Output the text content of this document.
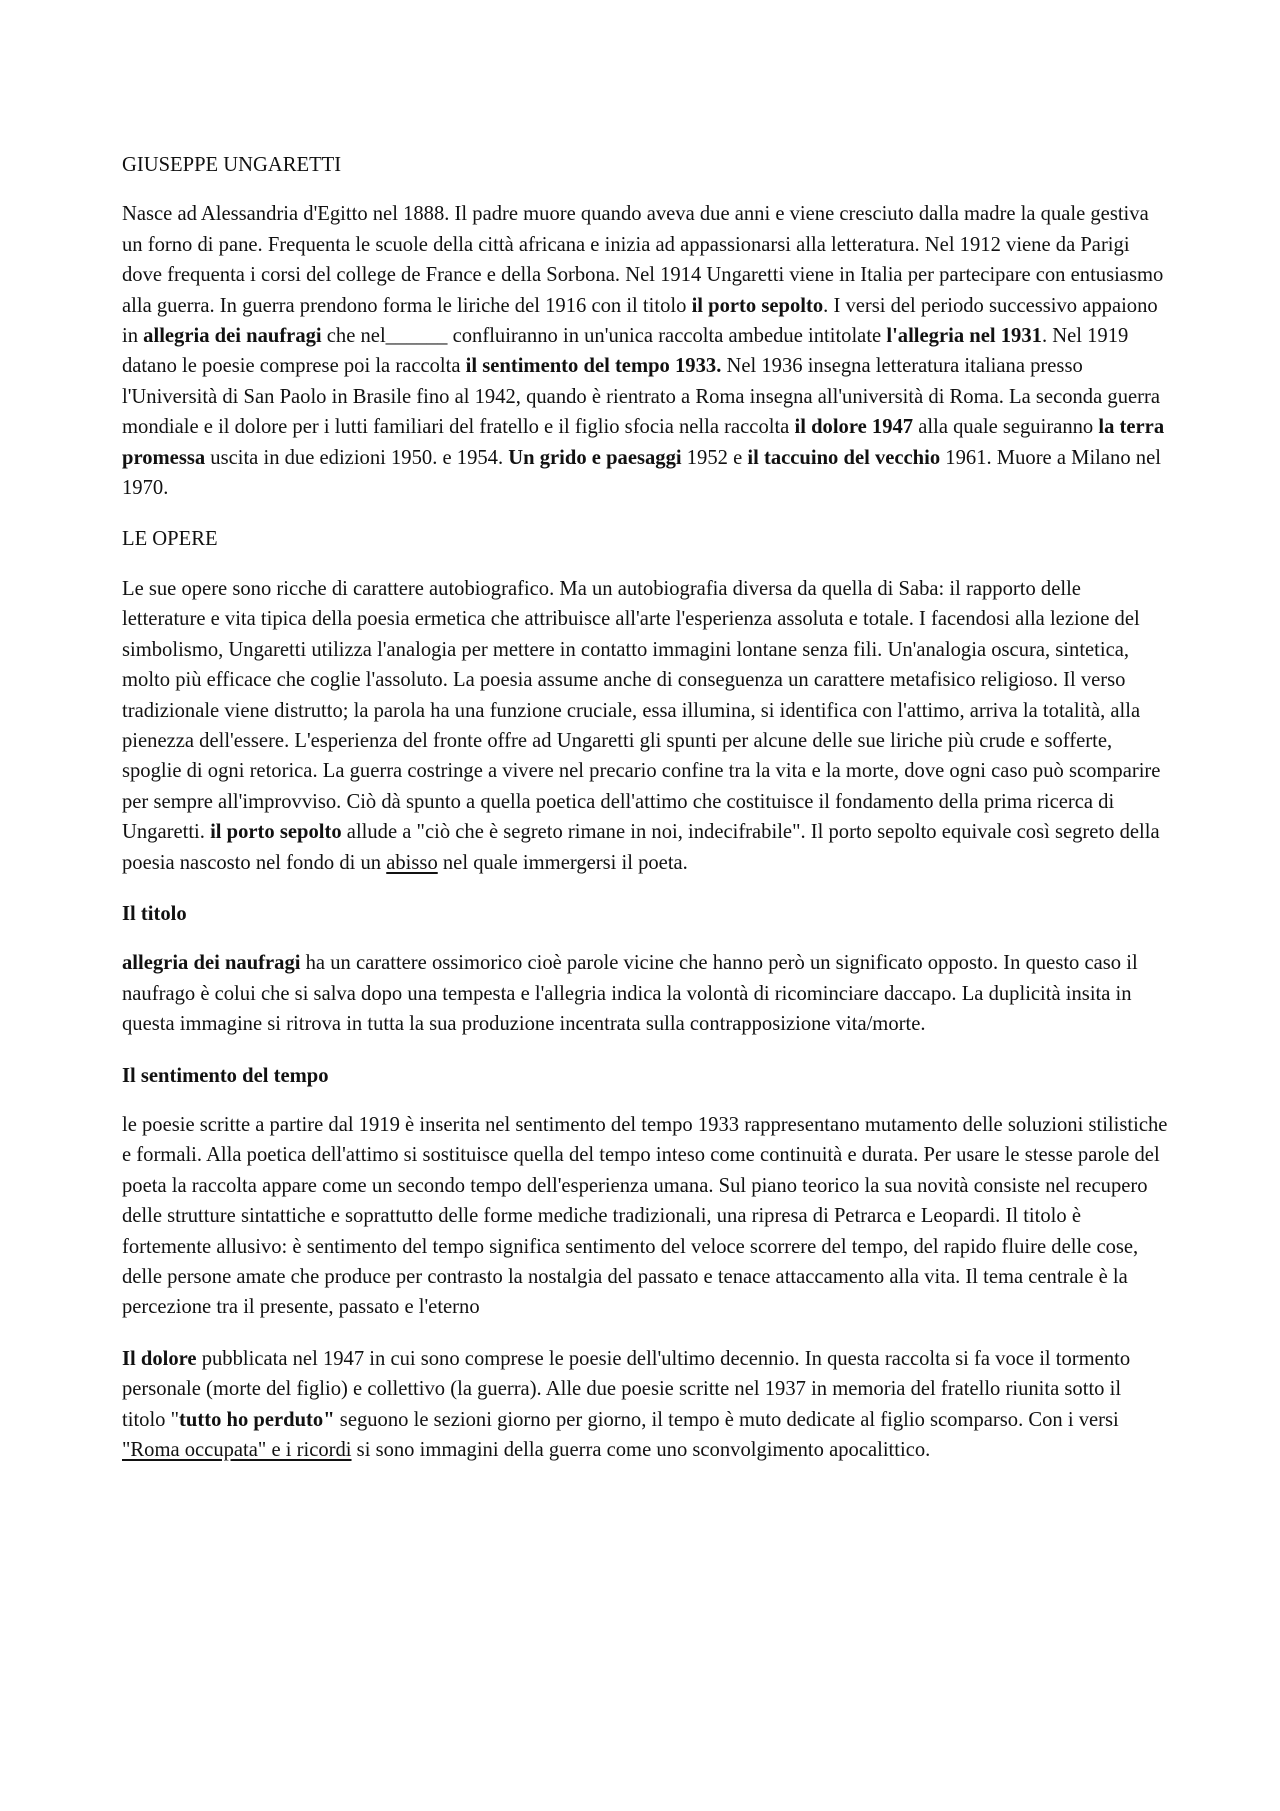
GIUSEPPE UNGARETTI

Nasce ad Alessandria d'Egitto nel 1888. Il padre muore quando aveva due anni e viene cresciuto dalla madre la quale gestiva un forno di pane. Frequenta le scuole della città africana e inizia ad appassionarsi alla letteratura. Nel 1912 viene da Parigi dove frequenta i corsi del college de France e della Sorbona. Nel 1914 Ungaretti viene in Italia per partecipare con entusiasmo alla guerra. In guerra prendono forma le liriche del 1916 con il titolo il porto sepolto. I versi del periodo successivo appaiono in allegria dei naufragi che nel______ confluiranno in un'unica raccolta ambedue intitolate l'allegria nel 1931. Nel 1919 datano le poesie comprese poi la raccolta il sentimento del tempo 1933. Nel 1936 insegna letteratura italiana presso l'Università di San Paolo in Brasile fino al 1942, quando è rientrato a Roma insegna all'università di Roma. La seconda guerra mondiale e il dolore per i lutti familiari del fratello e il figlio sfocia nella raccolta il dolore 1947 alla quale seguiranno la terra promessa uscita in due edizioni 1950. e 1954. Un grido e paesaggi 1952 e il taccuino del vecchio 1961. Muore a Milano nel 1970.

LE OPERE

Le sue opere sono ricche di carattere autobiografico. Ma un autobiografia diversa da quella di Saba: il rapporto delle letterature e vita tipica della poesia ermetica che attribuisce all'arte l'esperienza assoluta e totale. I facendosi alla lezione del simbolismo, Ungaretti utilizza l'analogia per mettere in contatto immagini lontane senza fili. Un'analogia oscura, sintetica, molto più efficace che coglie l'assoluto. La poesia assume anche di conseguenza un carattere metafisico religioso. Il verso tradizionale viene distrutto; la parola ha una funzione cruciale, essa illumina, si identifica con l'attimo, arriva la totalità, alla pienezza dell'essere. L'esperienza del fronte offre ad Ungaretti gli spunti per alcune delle sue liriche più crude e sofferte, spoglie di ogni retorica. La guerra costringe a vivere nel precario confine tra la vita e la morte, dove ogni caso può scomparire per sempre all'improvviso. Ciò dà spunto a quella poetica dell'attimo che costituisce il fondamento della prima ricerca di Ungaretti. il porto sepolto allude a "ciò che è segreto rimane in noi, indecifrabile". Il porto sepolto equivale così segreto della poesia nascosto nel fondo di un abisso nel quale immergersi il poeta.

Il titolo

allegria dei naufragi ha un carattere ossimorico cioè parole vicine che hanno però un significato opposto. In questo caso il naufrago è colui che si salva dopo una tempesta e l'allegria indica la volontà di ricominciare daccapo. La duplicità insita in questa immagine si ritrova in tutta la sua produzione incentrata sulla contrapposizione vita/morte.

Il sentimento del tempo

le poesie scritte a partire dal 1919 è inserita nel sentimento del tempo 1933 rappresentano mutamento delle soluzioni stilistiche e formali. Alla poetica dell'attimo si sostituisce quella del tempo inteso come continuità e durata. Per usare le stesse parole del poeta la raccolta appare come un secondo tempo dell'esperienza umana. Sul piano teorico la sua novità consiste nel recupero delle strutture sintattiche e soprattutto delle forme mediche tradizionali, una ripresa di Petrarca e Leopardi. Il titolo è fortemente allusivo: è sentimento del tempo significa sentimento del veloce scorrere del tempo, del rapido fluire delle cose, delle persone amate che produce per contrasto la nostalgia del passato e tenace attaccamento alla vita. Il tema centrale è la percezione tra il presente, passato e l'eterno

Il dolore pubblicata nel 1947 in cui sono comprese le poesie dell'ultimo decennio. In questa raccolta si fa voce il tormento personale (morte del figlio) e collettivo (la guerra). Alle due poesie scritte nel 1937 in memoria del fratello riunita sotto il titolo "tutto ho perduto" seguono le sezioni giorno per giorno, il tempo è muto dedicate al figlio scomparso. Con i versi "Roma occupata" e i ricordi si sono immagini della guerra come uno sconvolgimento apocalittico.
